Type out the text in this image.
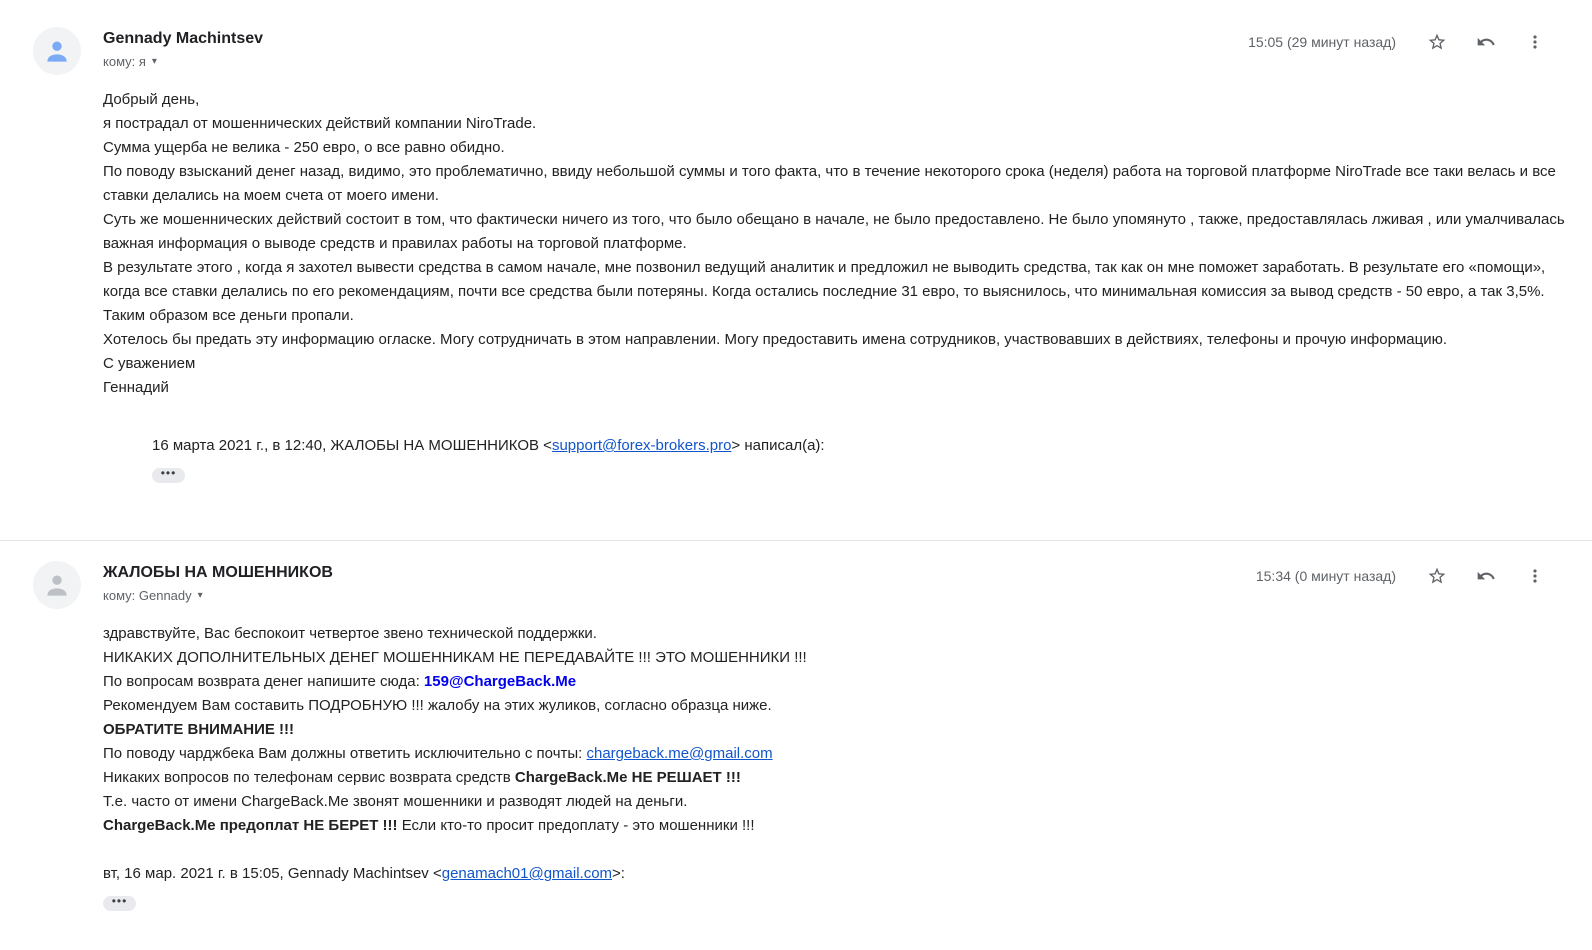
Gennady Machintsev
кому: я ▾
15:05 (29 минут назад)
Добрый день,
я пострадал от мошеннических действий компании NiroTrade.
Сумма ущерба не велика - 250 евро, о все равно обидно.
По поводу взысканий денег назад, видимо, это проблематично, ввиду небольшой суммы и того факта, что в течение некоторого срока (неделя) работа на торговой платформе NiroTrade все таки велась и все ставки делались на моем счета от моего имени.
Суть же мошеннических действий состоит в том, что фактически ничего из того, что было обещано в начале, не было предоставлено. Не было упомянуто , также, предоставлялась лживая , или умалчивалась важная информация о выводе средств и правилах работы на торговой платформе.
В результате этого , когда я захотел вывести средства в самом начале, мне позвонил ведущий аналитик и предложил не выводить средства, так как он мне поможет заработать. В результате его «помощи», когда все ставки делались по его рекомендациям, почти все средства были потеряны. Когда остались последние 31 евро, то выяснилось, что минимальная комиссия за вывод средств - 50 евро, а так 3,5%. Таким образом все деньги пропали.
Хотелось бы предать эту информацию огласке. Могу сотрудничать в этом направлении. Могу предоставить имена сотрудников, участвовавших в действиях, телефоны и прочую информацию.
С уважением
Геннадий
16 марта 2021 г., в 12:40, ЖАЛОБЫ НА МОШЕННИКОВ <support@forex-brokers.pro> написал(а):
•••
ЖАЛОБЫ НА МОШЕННИКОВ
кому: Gennady ▾
15:34 (0 минут назад)
здравствуйте, Вас беспокоит четвертое звено технической поддержки.
НИКАКИХ ДОПОЛНИТЕЛЬНЫХ ДЕНЕГ МОШЕННИКАМ НЕ ПЕРЕДАВАЙТЕ !!! ЭТО МОШЕННИКИ !!!
По вопросам возврата денег напишите сюда: 159@ChargeBack.Me
Рекомендуем Вам составить ПОДРОБНУЮ !!! жалобу на этих жуликов, согласно образца ниже.
ОБРАТИТЕ ВНИМАНИЕ !!!
По поводу чарджбека Вам должны ответить исключительно с почты: chargeback.me@gmail.com
Никаких вопросов по телефонам сервис возврата средств ChargeBack.Me НЕ РЕШАЕТ !!!
Т.е. часто от имени ChargeBack.Me звонят мошенники и разводят людей на деньги.
ChargeBack.Me предоплат НЕ БЕРЕТ !!! Если кто-то просит предоплату - это мошенники !!!
вт, 16 мар. 2021 г. в 15:05, Gennady Machintsev <genamach01@gmail.com>:
•••
